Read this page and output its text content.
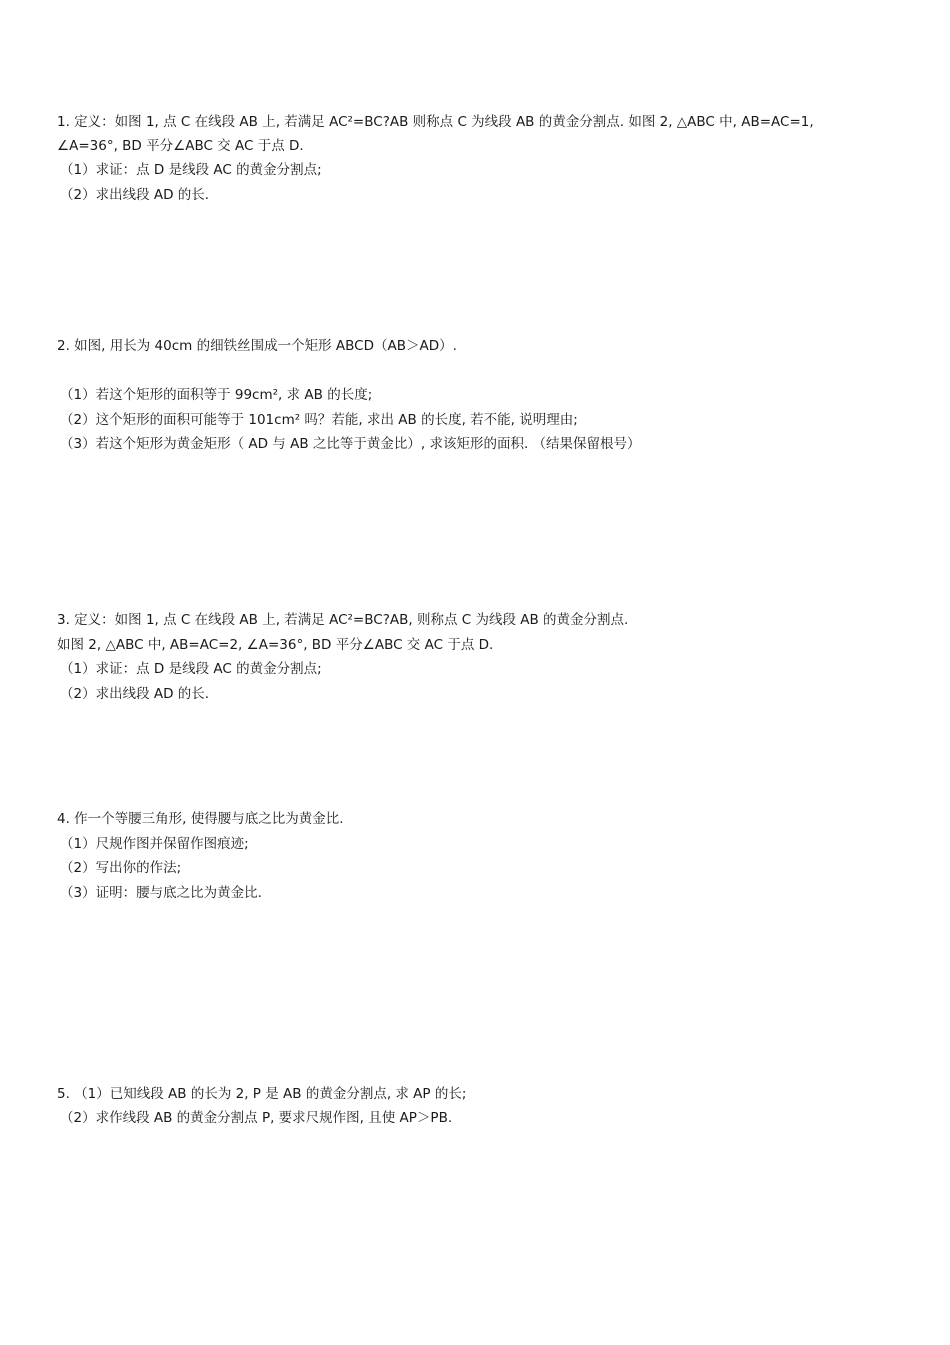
1. 定义：如图 1, 点 C 在线段 AB 上, 若满足 AC²=BC?AB 则称点 C 为线段 AB 的黄金分割点. 如图 2, △ABC 中, AB=AC=1,
∠A=36°, BD 平分∠ABC 交 AC 于点 D.
（1）求证：点 D 是线段 AC 的黄金分割点;
（2）求出线段 AD 的长.
2. 如图, 用长为 40cm 的细铁丝围成一个矩形 ABCD（AB＞AD）.
（1）若这个矩形的面积等于 99cm², 求 AB 的长度;
（2）这个矩形的面积可能等于 101cm² 吗？若能, 求出 AB 的长度, 若不能, 说明理由;
（3）若这个矩形为黄金矩形（ AD 与 AB 之比等于黄金比）, 求该矩形的面积. （结果保留根号）
3. 定义：如图 1, 点 C 在线段 AB 上, 若满足 AC²=BC?AB, 则称点 C 为线段 AB 的黄金分割点.
如图 2, △ABC 中, AB=AC=2, ∠A=36°, BD 平分∠ABC 交 AC 于点 D.
（1）求证：点 D 是线段 AC 的黄金分割点;
（2）求出线段 AD 的长.
4. 作一个等腰三角形, 使得腰与底之比为黄金比.
（1）尺规作图并保留作图痕迹;
（2）写出你的作法;
（3）证明：腰与底之比为黄金比.
5. （1）已知线段 AB 的长为 2, P 是 AB 的黄金分割点, 求 AP 的长;
（2）求作线段 AB 的黄金分割点 P, 要求尺规作图, 且使 AP＞PB.
